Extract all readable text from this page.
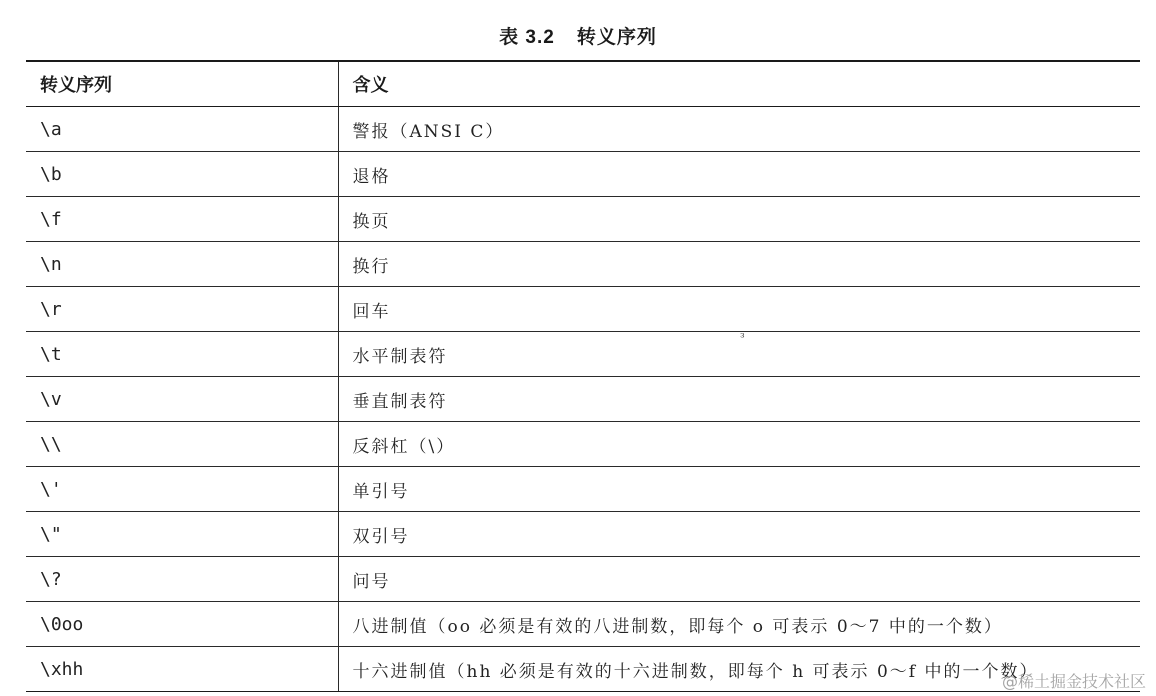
表 3.2 转义序列
转义序列	含义
\a	警报（ANSI C）
\b	退格
\f	换页
\n	换行
\r	回车
\t	水平制表符
\v	垂直制表符
\\	反斜杠（\）
\'	单引号
\"	双引号
\?	问号
\0oo	八进制值（oo 必须是有效的八进制数，即每个 o 可表示 0～7 中的一个数）
\xhh	十六进制值（hh 必须是有效的十六进制数，即每个 h 可表示 0～f 中的一个数）
ᶟ
@稀土掘金技术社区
